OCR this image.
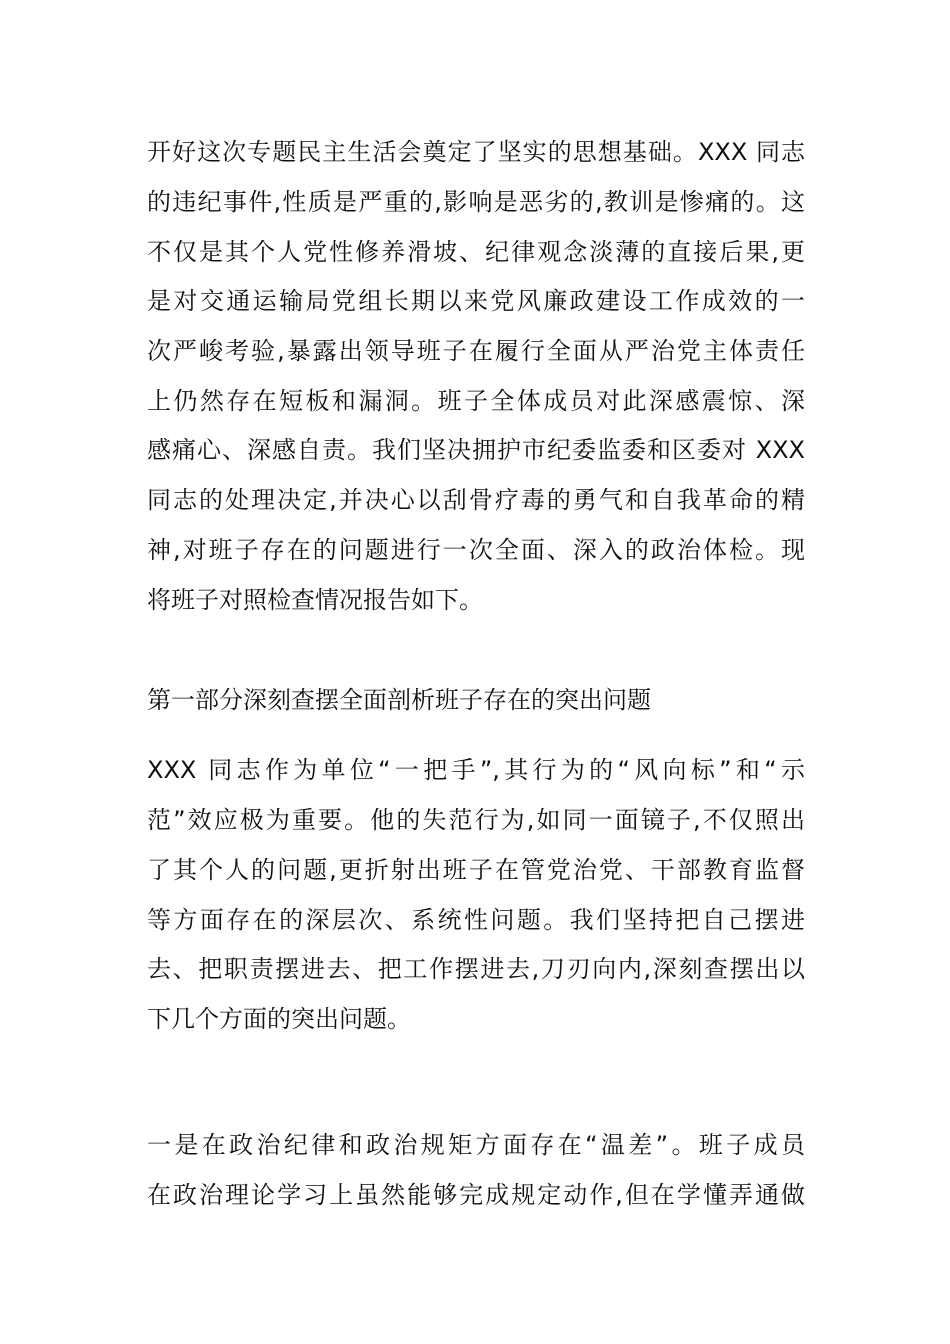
开好这次专题民主生活会奠定了坚实的思想基础。XXX 同志
的违纪事件,性质是严重的,影响是恶劣的,教训是惨痛的。这
不仅是其个人党性修养滑坡、纪律观念淡薄的直接后果,更
是对交通运输局党组长期以来党风廉政建设工作成效的一
次严峻考验,暴露出领导班子在履行全面从严治党主体责任
上仍然存在短板和漏洞。班子全体成员对此深感震惊、深
感痛心、深感自责。我们坚决拥护市纪委监委和区委对 XXX
同志的处理决定,并决心以刮骨疗毒的勇气和自我革命的精
神,对班子存在的问题进行一次全面、深入的政治体检。现
将班子对照检查情况报告如下。
第一部分深刻查摆全面剖析班子存在的突出问题
XXX 同志作为单位“一把手”,其行为的“风向标”和“示
范”效应极为重要。他的失范行为,如同一面镜子,不仅照出
了其个人的问题,更折射出班子在管党治党、干部教育监督
等方面存在的深层次、系统性问题。我们坚持把自己摆进
去、把职责摆进去、把工作摆进去,刀刃向内,深刻查摆出以
下几个方面的突出问题。
一是在政治纪律和政治规矩方面存在“温差”。班子成员
在政治理论学习上虽然能够完成规定动作,但在学懂弄通做
